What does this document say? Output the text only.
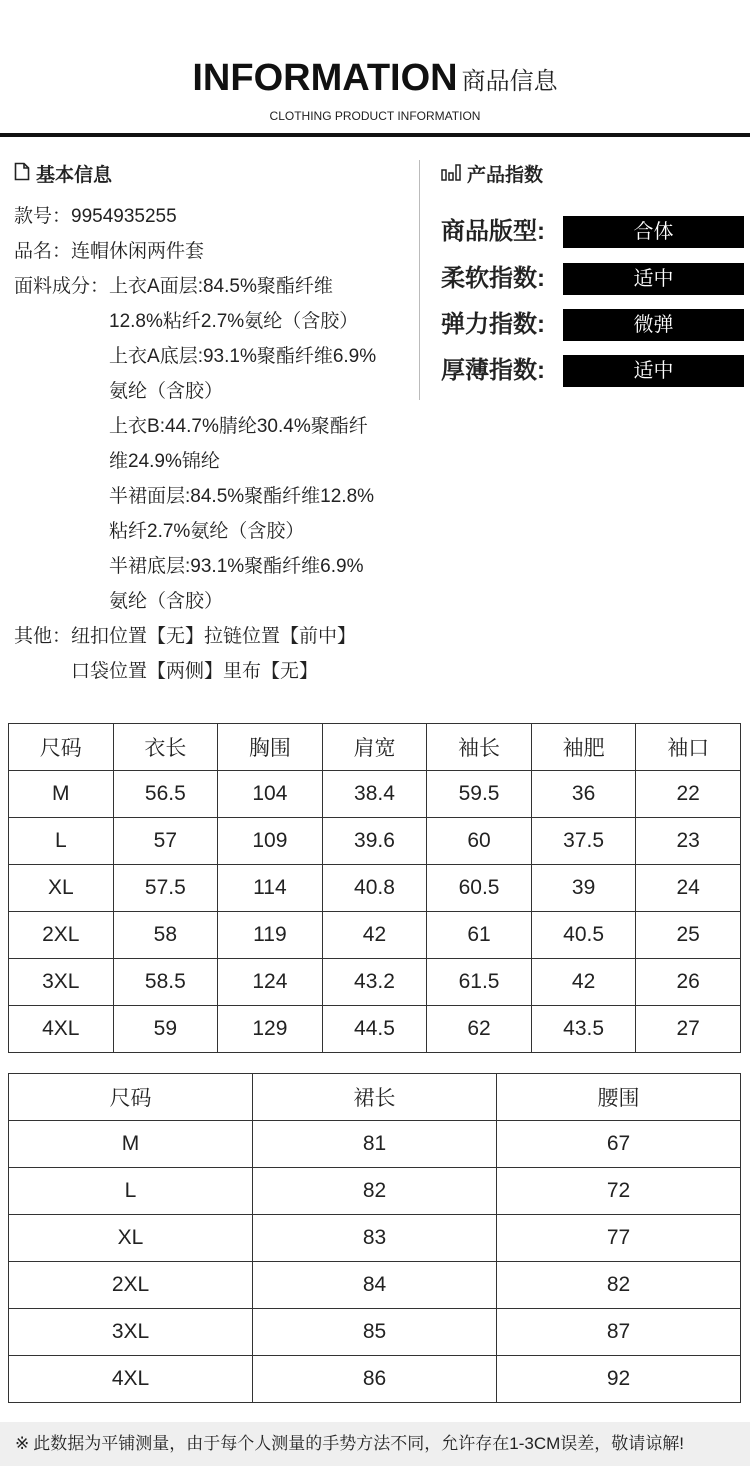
INFORMATION 商品信息
CLOTHING PRODUCT INFORMATION
基本信息
款号： 9954935255
品名： 连帽休闲两件套
面料成分： 上衣A面层:84.5%聚酯纤维
12.8%粘纤2.7%氨纶（含胶）
上衣A底层:93.1%聚酯纤维6.9%
氨纶（含胶）
上衣B:44.7%腈纶30.4%聚酯纤
维24.9%锦纶
半裙面层:84.5%聚酯纤维12.8%
粘纤2.7%氨纶（含胶）
半裙底层:93.1%聚酯纤维6.9%
氨纶（含胶）
其他： 纽扣位置【无】拉链位置【前中】
口袋位置【两侧】里布【无】
产品指数
商品版型:	合体
柔软指数:	适中
弹力指数:	微弹
厚薄指数:	适中
尺码	衣长	胸围	肩宽	袖长	袖肥	袖口
M	56.5	104	38.4	59.5	36	22
L	57	109	39.6	60	37.5	23
XL	57.5	114	40.8	60.5	39	24
2XL	58	119	42	61	40.5	25
3XL	58.5	124	43.2	61.5	42	26
4XL	59	129	44.5	62	43.5	27
尺码	裙长	腰围
M	81	67
L	82	72
XL	83	77
2XL	84	82
3XL	85	87
4XL	86	92
※ 此数据为平铺测量，由于每个人测量的手势方法不同，允许存在1-3CM误差，敬请谅解!
